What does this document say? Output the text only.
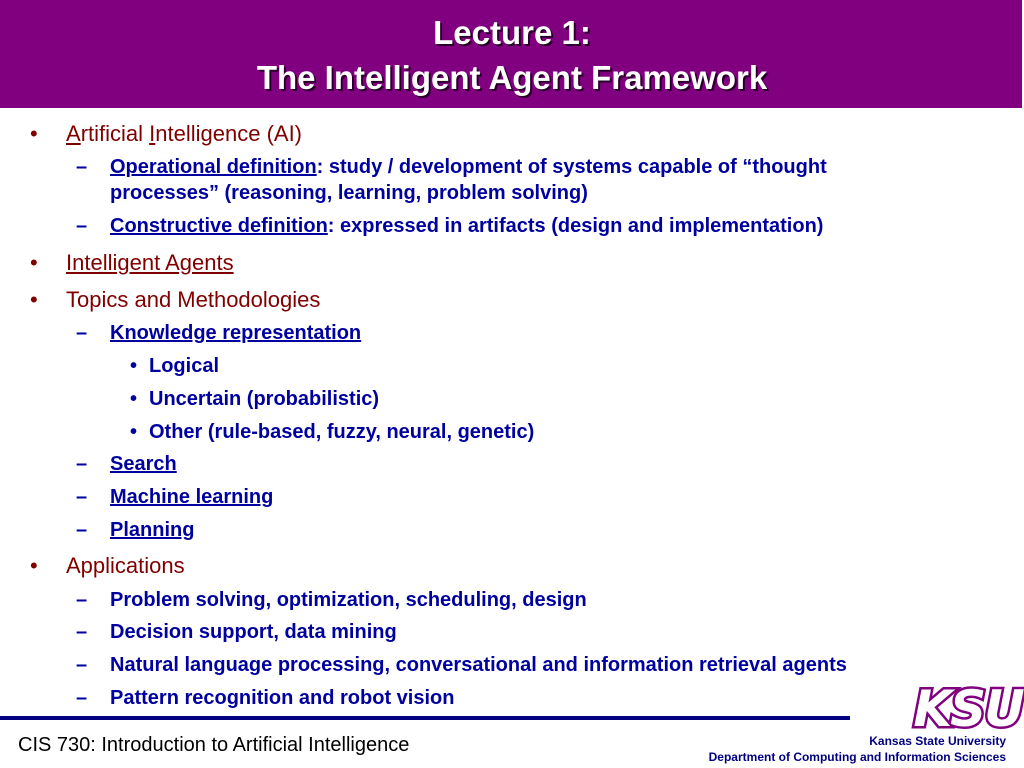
Lecture 1:
The Intelligent Agent Framework
• Artificial Intelligence (AI)
– Operational definition: study / development of systems capable of “thought
processes” (reasoning, learning, problem solving)
– Constructive definition: expressed in artifacts (design and implementation)
• Intelligent Agents
• Topics and Methodologies
– Knowledge representation
• Logical
• Uncertain (probabilistic)
• Other (rule-based, fuzzy, neural, genetic)
– Search
– Machine learning
– Planning
• Applications
– Problem solving, optimization, scheduling, design
– Decision support, data mining
– Natural language processing, conversational and information retrieval agents
– Pattern recognition and robot vision	KSU
CIS 730: Introduction to Artificial Intelligence	Kansas State University
Department of Computing and Information Sciences
